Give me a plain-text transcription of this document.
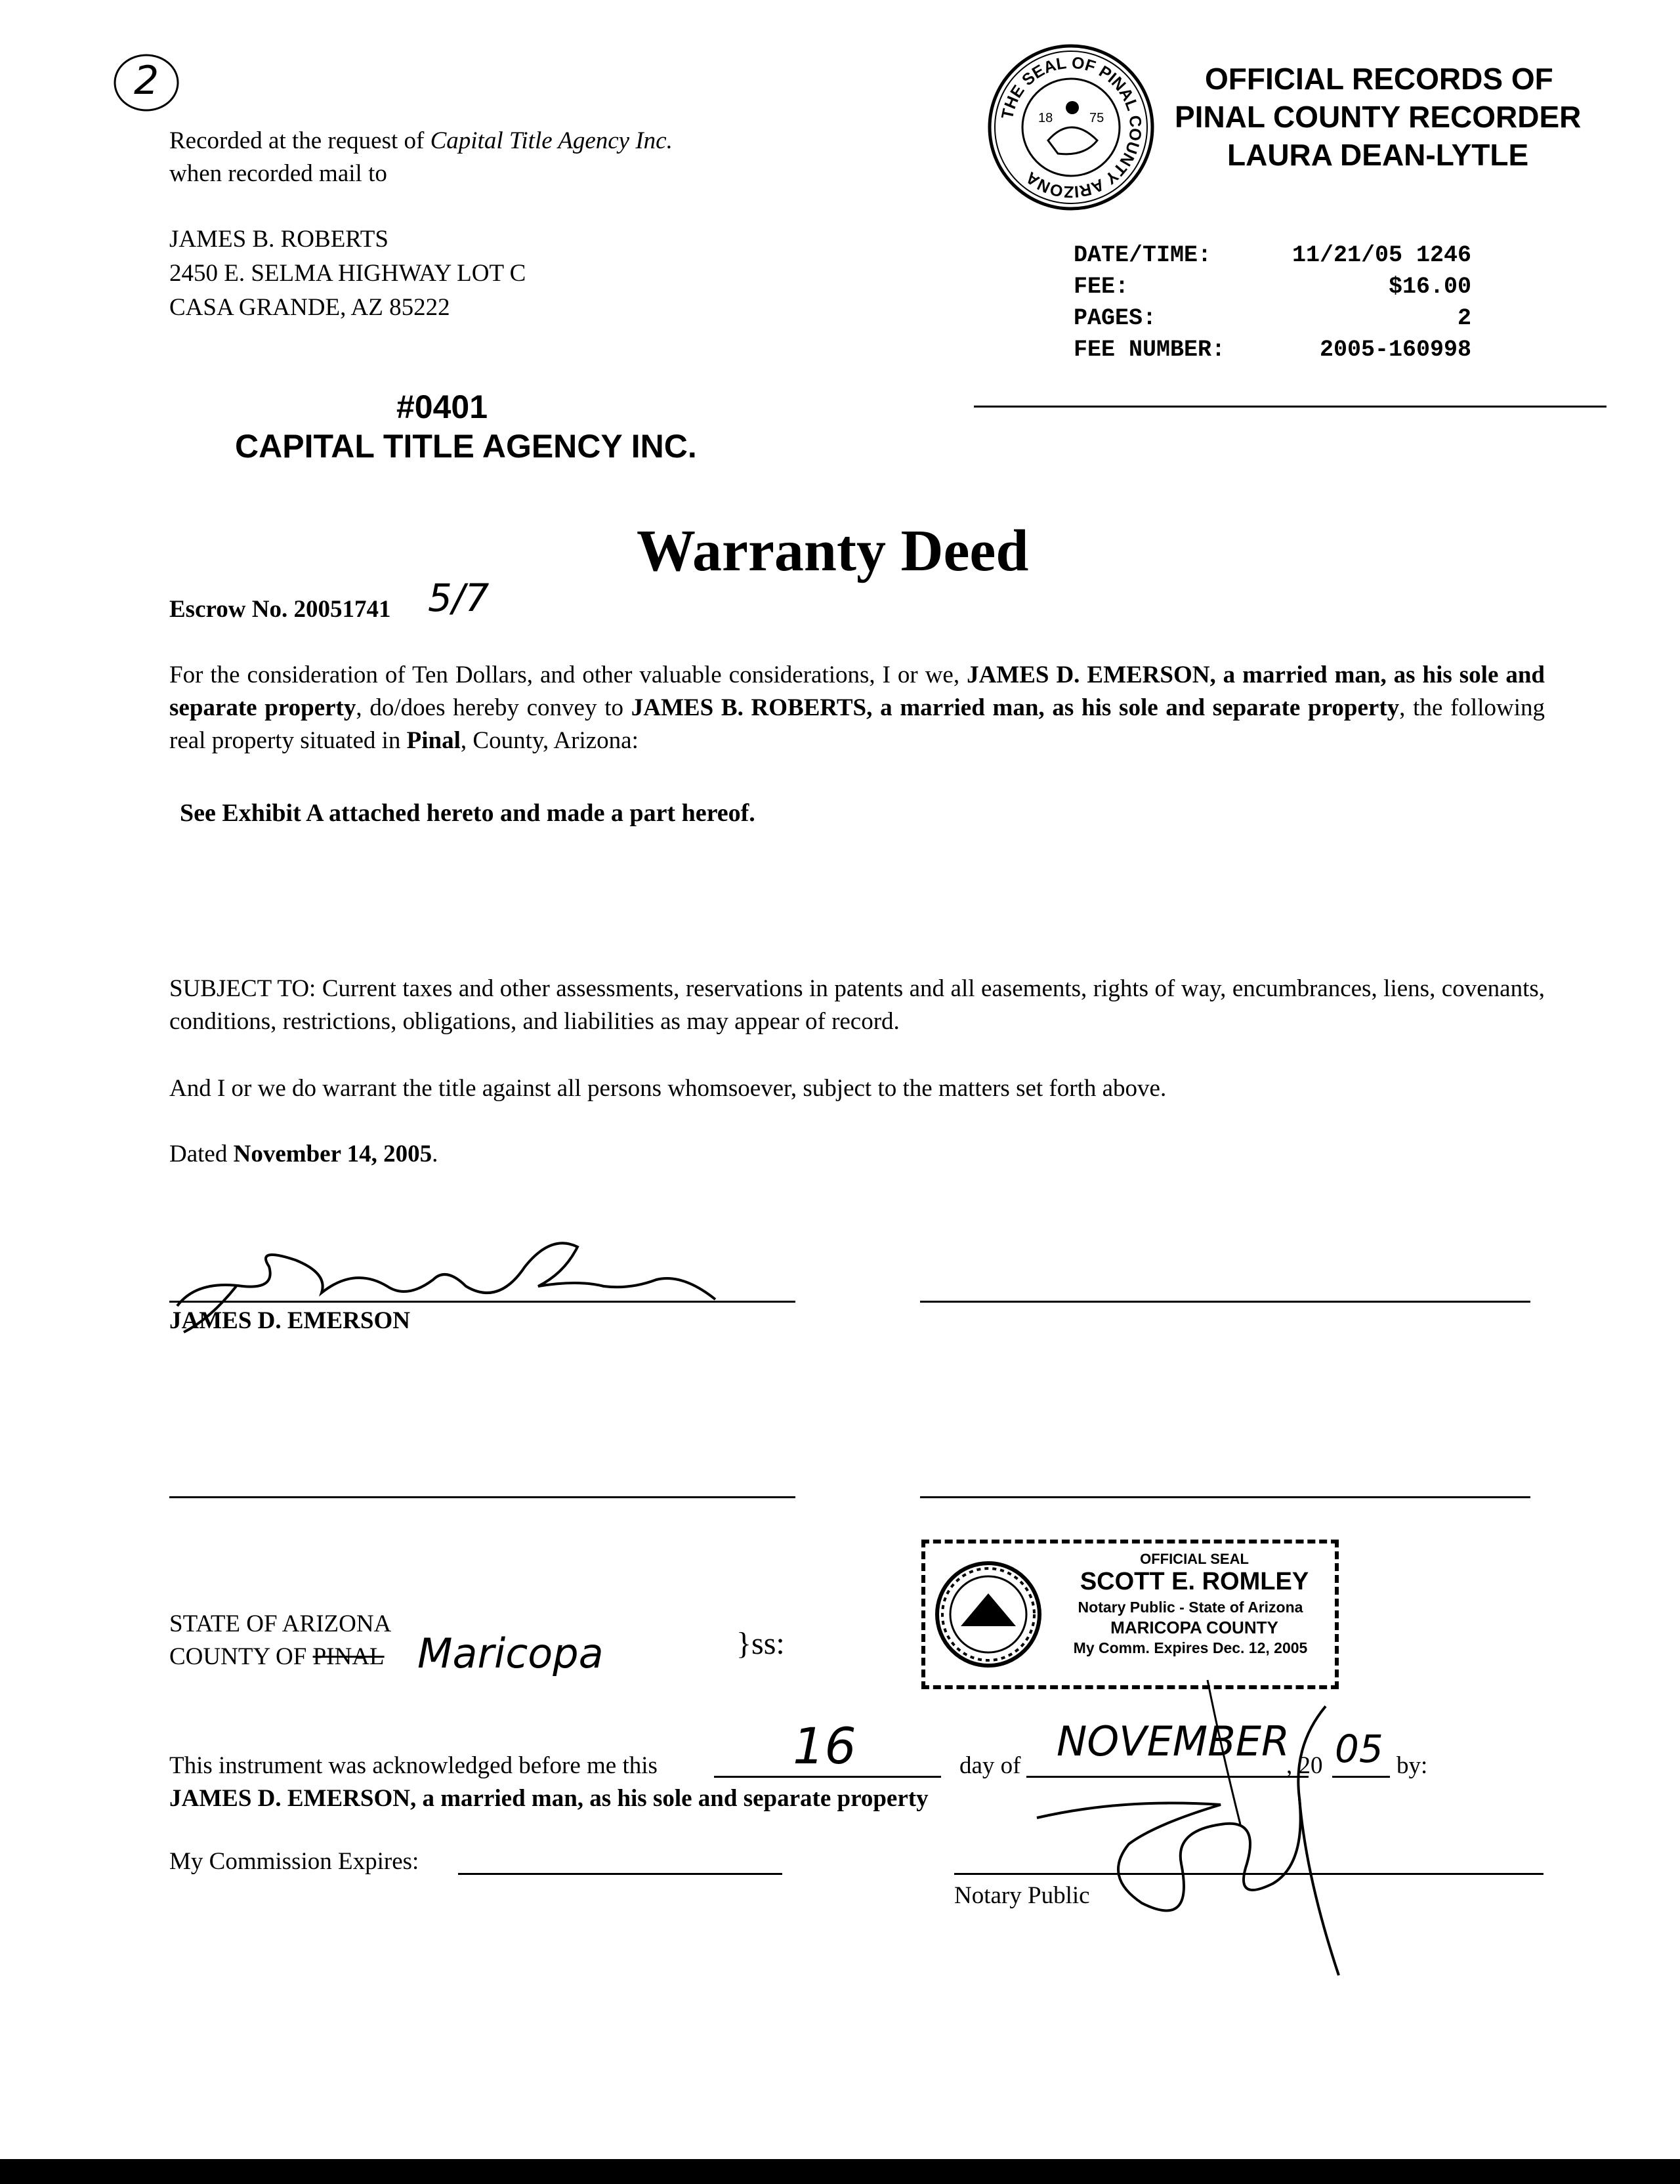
2
Recorded at the request of Capital Title Agency Inc.
when recorded mail to
JAMES B. ROBERTS
2450 E. SELMA HIGHWAY LOT C
CASA GRANDE, AZ 85222
THE SEAL OF PINAL COUNTY ARIZONA
18	75
OFFICIAL RECORDS OF
PINAL COUNTY RECORDER
LAURA DEAN-LYTLE
DATE/TIME:	11/21/05 1246
FEE:	$16.00
PAGES:	2
FEE NUMBER:	2005-160998
#0401
CAPITAL TITLE AGENCY INC.
Warranty Deed
Escrow No. 20051741 5/7
For the consideration of Ten Dollars, and other valuable considerations, I or we, JAMES D. EMERSON, a married man, as his sole and separate property, do/does hereby convey to JAMES B. ROBERTS, a married man, as his sole and separate property, the following real property situated in Pinal, County, Arizona:
See Exhibit A attached hereto and made a part hereof.
SUBJECT TO: Current taxes and other assessments, reservations in patents and all easements, rights of way, encumbrances, liens, covenants, conditions, restrictions, obligations, and liabilities as may appear of record.
And I or we do warrant the title against all persons whomsoever, subject to the matters set forth above.
Dated November 14, 2005.
JAMES D. EMERSON
OFFICIAL SEAL
SCOTT E. ROMLEY
Notary Public - State of Arizona
MARICOPA COUNTY
My Comm. Expires Dec. 12, 2005
STATE OF ARIZONA
COUNTY OF PINAL Maricopa	}ss:
This instrument was acknowledged before me this	16	day of
NOVEMBER
, 20 05 by:
JAMES D. EMERSON, a married man, as his sole and separate property
My Commission Expires:
Notary Public
